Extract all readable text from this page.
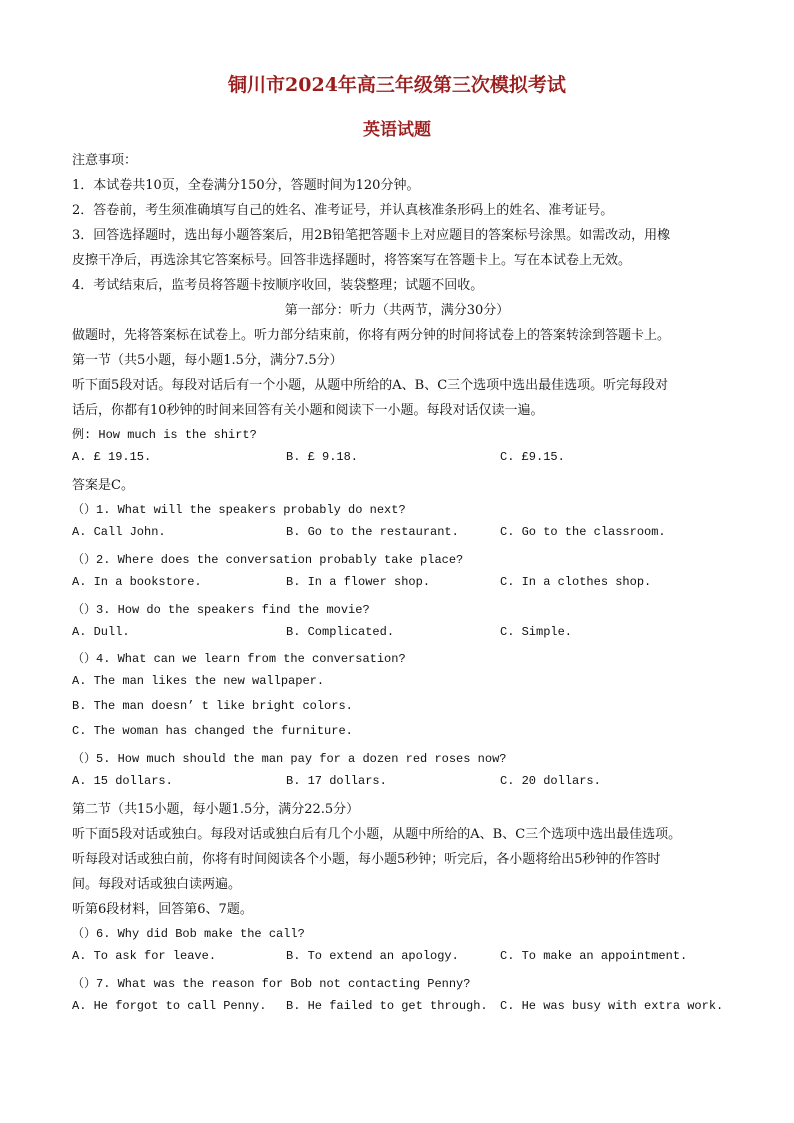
铜川市2024年高三年级第三次模拟考试
英语试题
注意事项：
1．本试卷共10页，全卷满分150分，答题时间为120分钟。
2．答卷前，考生须准确填写自己的姓名、准考证号，并认真核准条形码上的姓名、准考证号。
3．回答选择题时，选出每小题答案后，用2B铅笔把答题卡上对应题目的答案标号涂黑。如需改动，用橡
皮擦干净后，再选涂其它答案标号。回答非选择题时，将答案写在答题卡上。写在本试卷上无效。
4．考试结束后，监考员将答题卡按顺序收回，装袋整理；试题不回收。
第一部分：听力（共两节，满分30分）
做题时，先将答案标在试卷上。听力部分结束前，你将有两分钟的时间将试卷上的答案转涂到答题卡上。
第一节（共5小题，每小题1.5分，满分7.5分）
听下面5段对话。每段对话后有一个小题，从题中所给的A、B、C三个选项中选出最佳选项。听完每段对
话后，你都有10秒钟的时间来回答有关小题和阅读下一小题。每段对话仅读一遍。
例: How much is the shirt?
A. £ 19.15.	B. £ 9.18.	C. £9.15.
答案是C。
（）1. What will the speakers probably do next?
A. Call John.	B. Go to the restaurant.	C. Go to the classroom.
（）2. Where does the conversation probably take place?
A. In a bookstore.	B. In a flower shop.	C. In a clothes shop.
（）3. How do the speakers find the movie?
A. Dull.	B. Complicated.	C. Simple.
（）4. What can we learn from the conversation?
A. The man likes the new wallpaper.
B. The man doesn’ t like bright colors.
C. The woman has changed the furniture.
（）5. How much should the man pay for a dozen red roses now?
A. 15 dollars.	B. 17 dollars.	C. 20 dollars.
第二节（共15小题，每小题1.5分，满分22.5分）
听下面5段对话或独白。每段对话或独白后有几个小题，从题中所给的A、B、C三个选项中选出最佳选项。
听每段对话或独白前，你将有时间阅读各个小题，每小题5秒钟；听完后，各小题将给出5秒钟的作答时
间。每段对话或独白读两遍。
听第6段材料，回答第6、7题。
（）6. Why did Bob make the call?
A. To ask for leave.	B. To extend an apology.	C. To make an appointment.
（）7. What was the reason for Bob not contacting Penny?
A. He forgot to call Penny. B. He failed to get through. C. He was busy with extra work.
